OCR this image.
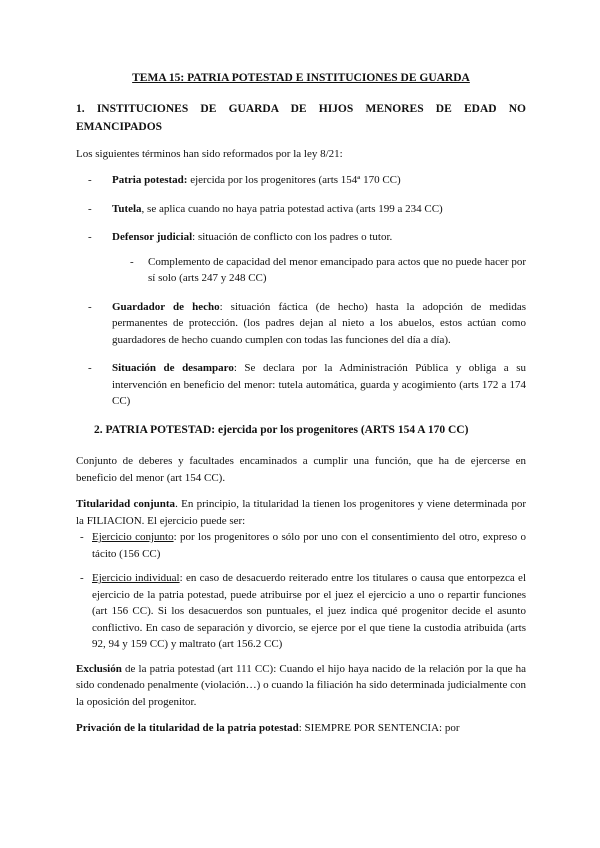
TEMA 15: PATRIA POTESTAD E INSTITUCIONES DE GUARDA
1. INSTITUCIONES DE GUARDA DE HIJOS MENORES DE EDAD NO EMANCIPADOS

Los siguientes términos han sido reformados por la ley 8/21:

- Patria potestad: ejercida por los progenitores (arts 154ª 170 CC)
- Tutela, se aplica cuando no haya patria potestad activa (arts 199 a 234 CC)
- Defensor judicial: situación de conflicto con los padres o tutor.
- Complemento de capacidad del menor emancipado para actos que no puede hacer por sí solo (arts 247 y 248 CC)
- Guardador de hecho: situación fáctica (de hecho) hasta la adopción de medidas permanentes de protección. (los padres dejan al nieto a los abuelos, estos actúan como guardadores de hecho cuando cumplen con todas las funciones del día a día).
- Situación de desamparo: Se declara por la Administración Pública y obliga a su intervención en beneficio del menor: tutela automática, guarda y acogimiento (arts 172 a 174 CC)
2. PATRIA POTESTAD: ejercida por los progenitores (ARTS 154 A 170 CC)

Conjunto de deberes y facultades encaminados a cumplir una función, que ha de ejercerse en beneficio del menor (art 154 CC).

Titularidad conjunta. En principio, la titularidad la tienen los progenitores y viene determinada por la FILIACION. El ejercicio puede ser:

- Ejercicio conjunto: por los progenitores o sólo por uno con el consentimiento del otro, expreso o tácito (156 CC)
- Ejercicio individual: en caso de desacuerdo reiterado entre los titulares o causa que entorpezca el ejercicio de la patria potestad, puede atribuirse por el juez el ejercicio a uno o repartir funciones (art 156 CC). Si los desacuerdos son puntuales, el juez indica qué progenitor decide el asunto conflictivo. En caso de separación y divorcio, se ejerce por el que tiene la custodia atribuida (arts 92, 94 y 159 CC) y maltrato (art 156.2 CC)

Exclusión de la patria potestad (art 111 CC): Cuando el hijo haya nacido de la relación por la que ha sido condenado penalmente (violación…) o cuando la filiación ha sido determinada judicialmente con la oposición del progenitor.

Privación de la titularidad de la patria potestad: SIEMPRE POR SENTENCIA: por
